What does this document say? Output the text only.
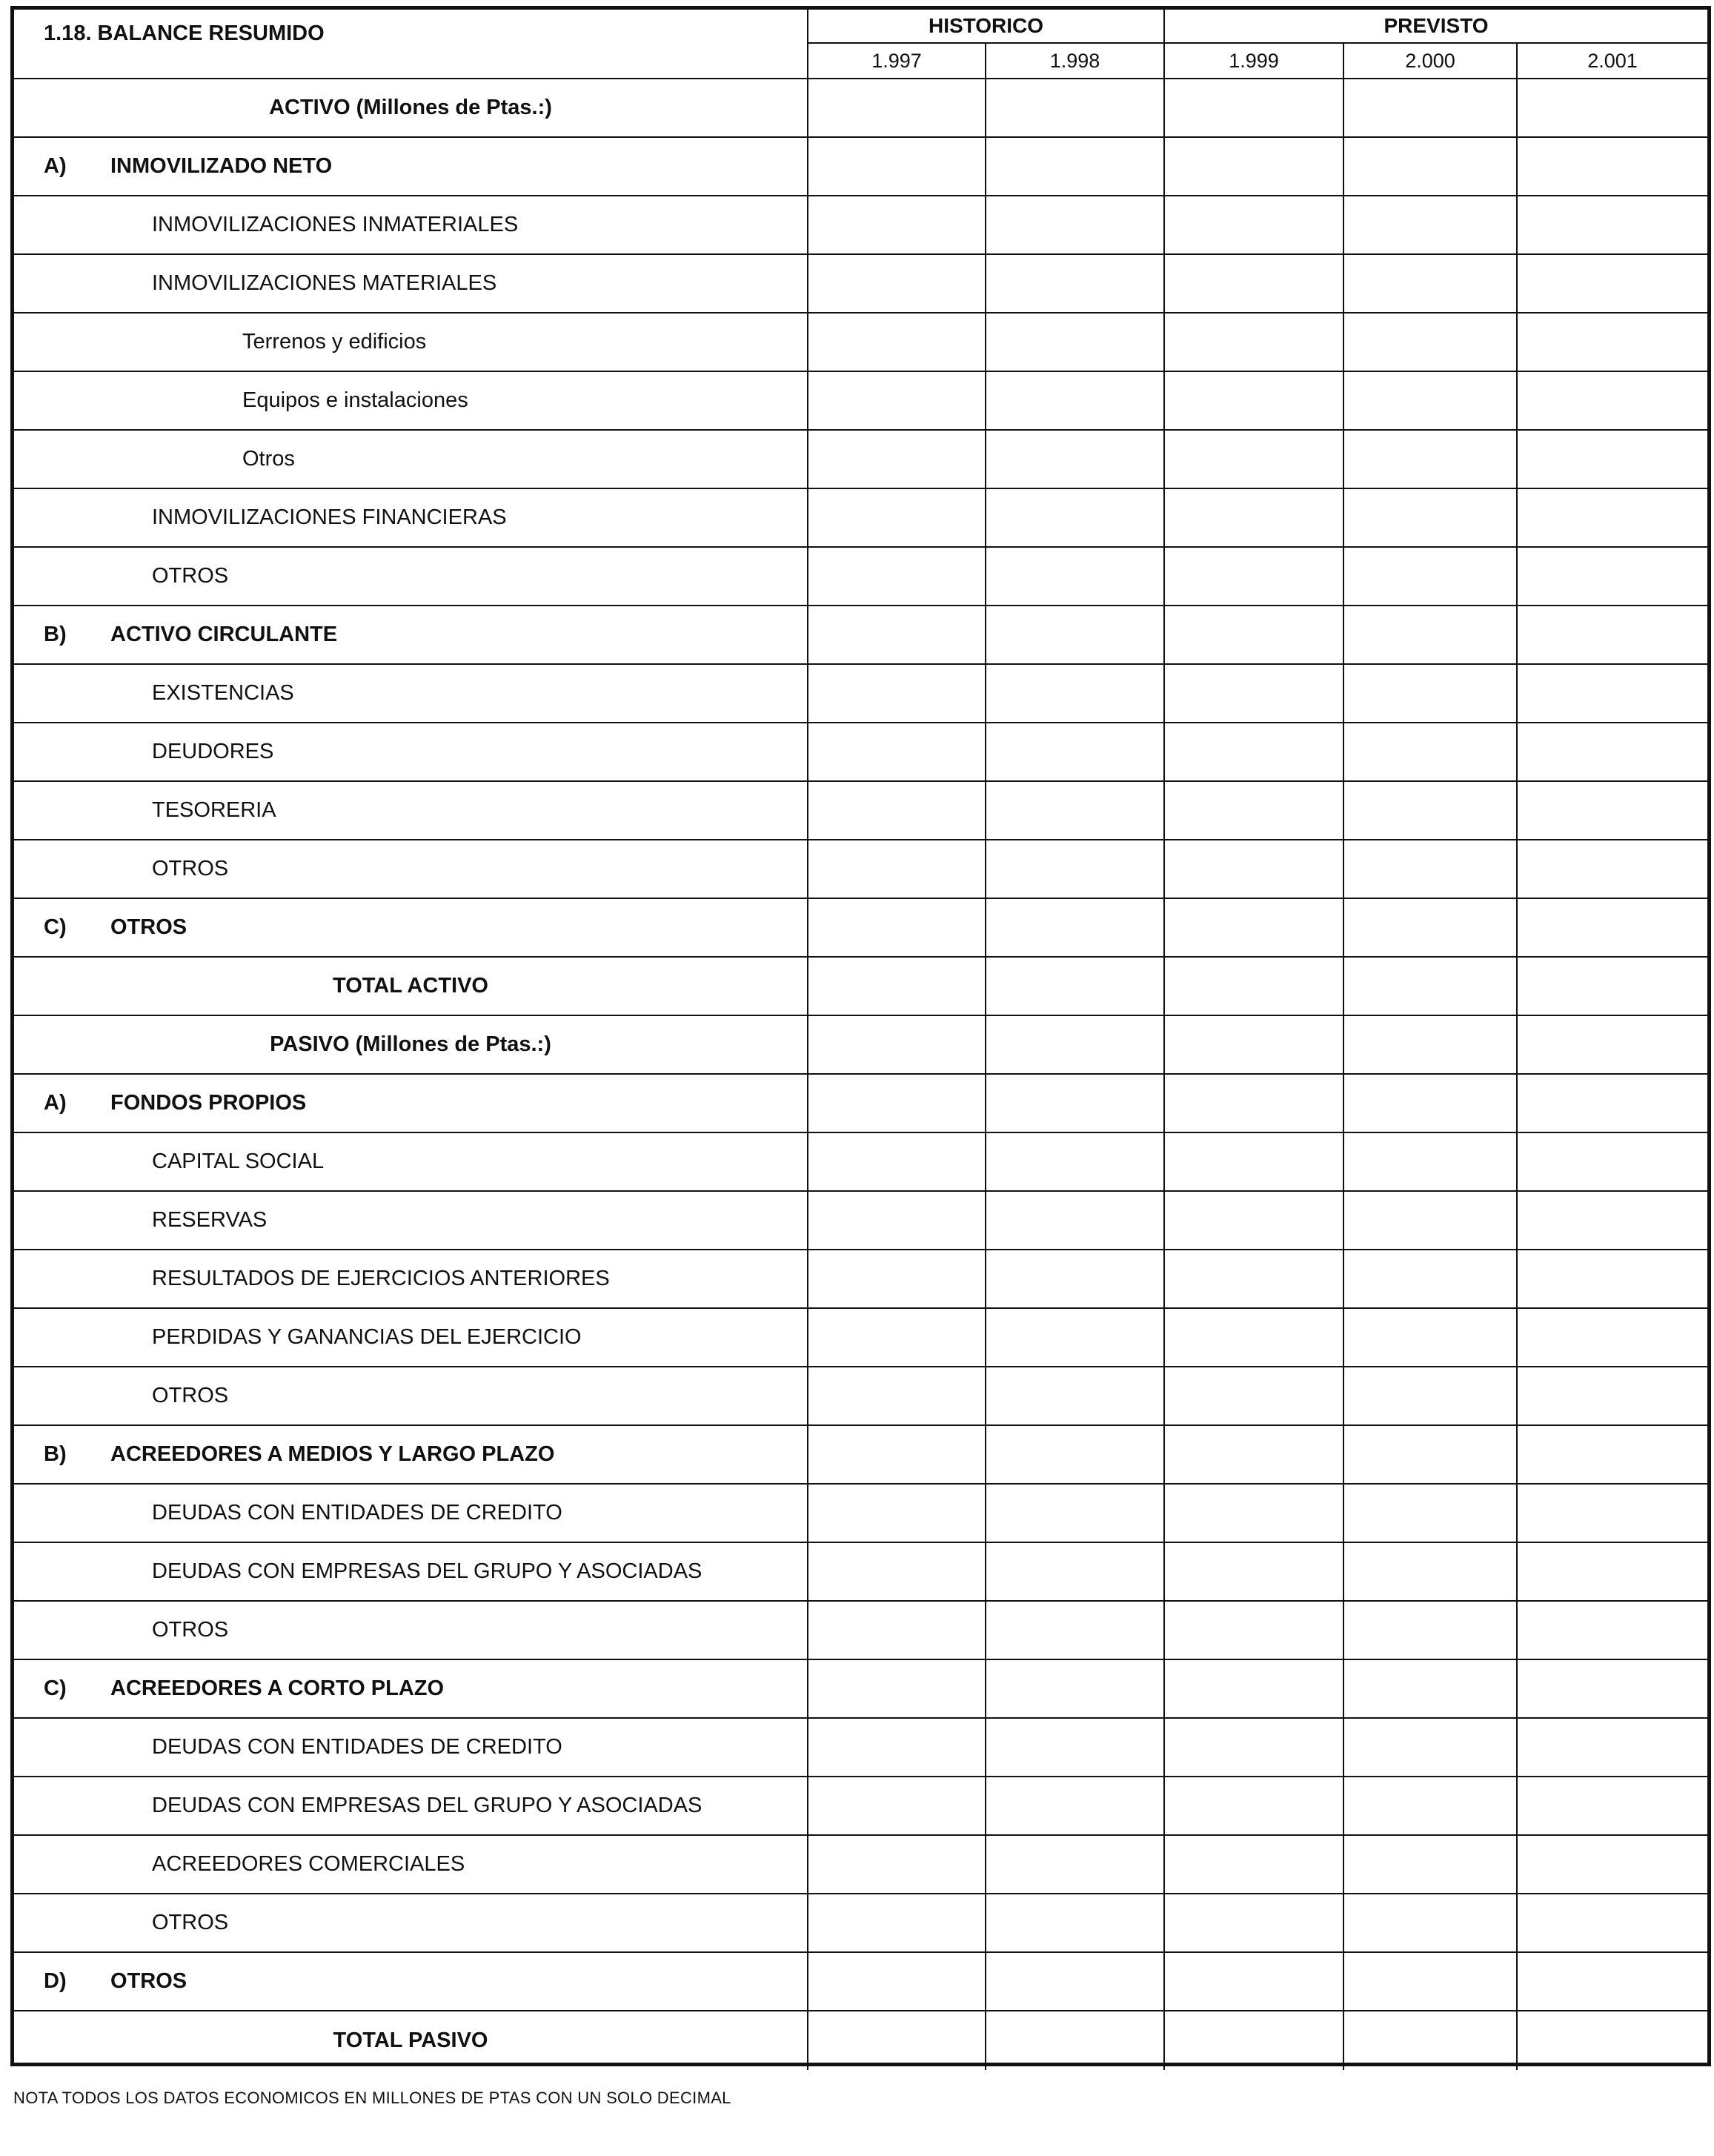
1.18. BALANCE RESUMIDO	HISTORICO	PREVISTO
1.997	1.998	1.999	2.000	2.001
ACTIVO (Millones de Ptas.:)
A)	INMOVILIZADO NETO
INMOVILIZACIONES INMATERIALES
INMOVILIZACIONES MATERIALES
Terrenos y edificios
Equipos e instalaciones
Otros
INMOVILIZACIONES FINANCIERAS
OTROS
B)	ACTIVO CIRCULANTE
EXISTENCIAS
DEUDORES
TESORERIA
OTROS
C)	OTROS
TOTAL ACTIVO
PASIVO (Millones de Ptas.:)
A)	FONDOS PROPIOS
CAPITAL SOCIAL
RESERVAS
RESULTADOS DE EJERCICIOS ANTERIORES
PERDIDAS Y GANANCIAS DEL EJERCICIO
OTROS
B)	ACREEDORES A MEDIOS Y LARGO PLAZO
DEUDAS CON ENTIDADES DE CREDITO
DEUDAS CON EMPRESAS DEL GRUPO Y ASOCIADAS
OTROS
C)	ACREEDORES A CORTO PLAZO
DEUDAS CON ENTIDADES DE CREDITO
DEUDAS CON EMPRESAS DEL GRUPO Y ASOCIADAS
ACREEDORES COMERCIALES
OTROS
D)	OTROS
TOTAL PASIVO
NOTA TODOS LOS DATOS ECONOMICOS EN MILLONES DE PTAS CON UN SOLO DECIMAL
